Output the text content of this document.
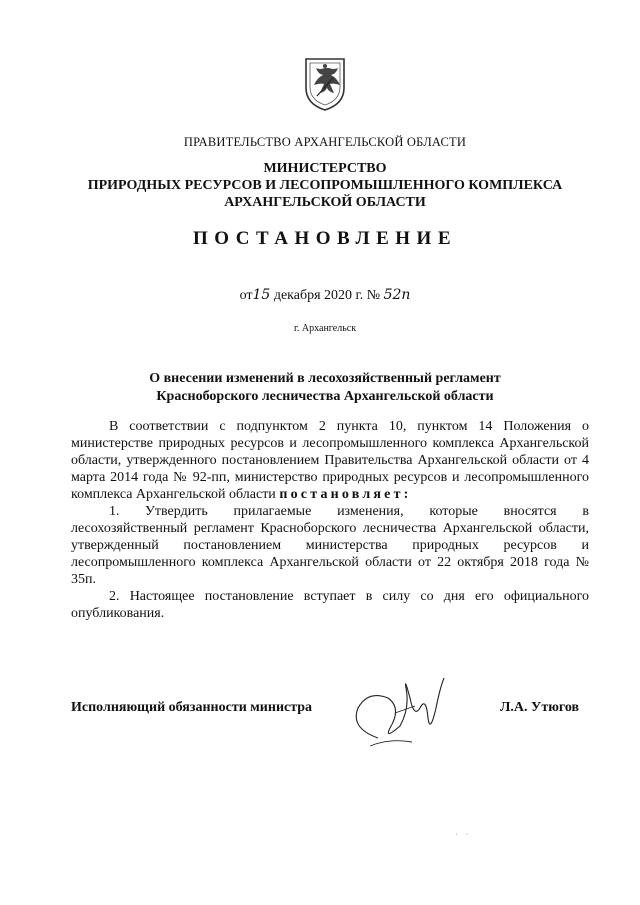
ПРАВИТЕЛЬСТВО АРХАНГЕЛЬСКОЙ ОБЛАСТИ
МИНИСТЕРСТВО
ПРИРОДНЫХ РЕСУРСОВ И ЛЕСОПРОМЫШЛЕННОГО КОМПЛЕКСА
АРХАНГЕЛЬСКОЙ ОБЛАСТИ
ПОСТАНОВЛЕНИЕ
от15 декабря 2020 г. № 52п
г. Архангельск
О внесении изменений в лесохозяйственный регламент
Красноборского лесничества Архангельской области

В соответствии с подпунктом 2 пункта 10, пунктом 14 Положения о министерстве природных ресурсов и лесопромышленного комплекса Архангельской области, утвержденного постановлением Правительства Архангельской области от 4 марта 2014 года № 92-пп, министерство природных ресурсов и лесопромышленного комплекса Архангельской области постановляет:

1. Утвердить прилагаемые изменения, которые вносятся в лесохозяйственный регламент Красноборского лесничества Архангельской области, утвержденный постановлением министерства природных ресурсов и лесопромышленного комплекса Архангельской области от 22 октября 2018 года № 35п.

2. Настоящее постановление вступает в силу со дня его официального опубликования.

Исполняющий обязанности министра	Л.А. Утюгов
· ·
